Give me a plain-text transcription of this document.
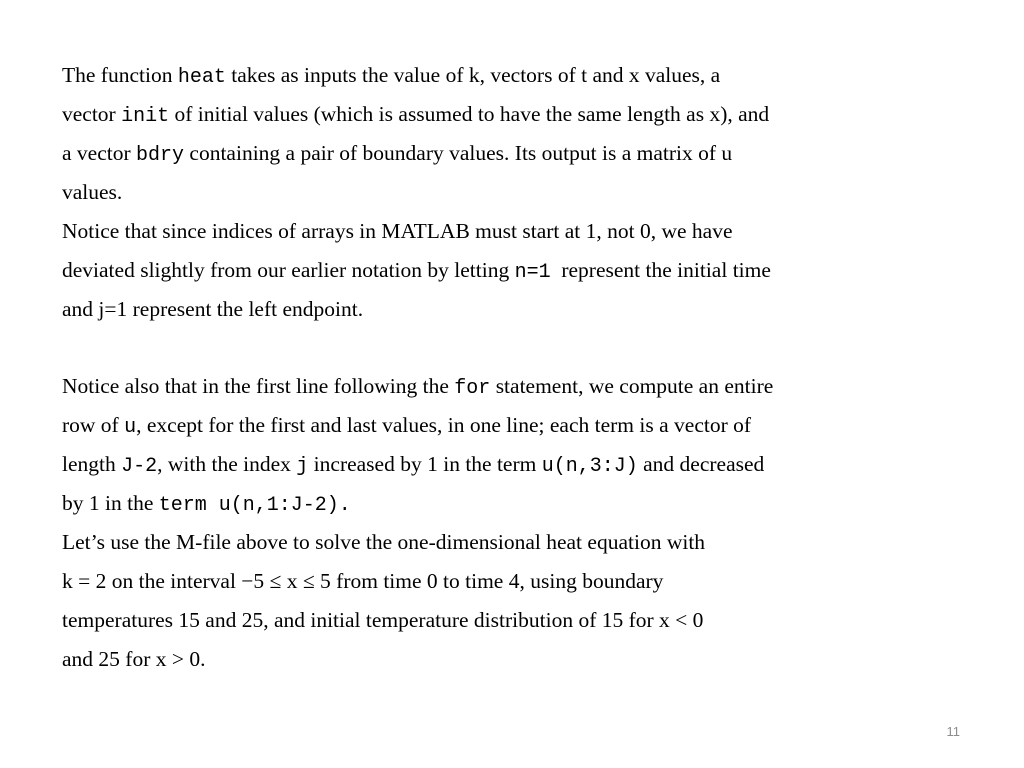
The function heat takes as inputs the value of k, vectors of t and x values, a
vector init of initial values (which is assumed to have the same length as x), and
a vector bdry containing a pair of boundary values. Its output is a matrix of u
values.
Notice that since indices of arrays in MATLAB must start at 1, not 0, we have
deviated slightly from our earlier notation by letting n=1  represent the initial time
and j=1 represent the left endpoint.
Notice also that in the first line following the for statement, we compute an entire
row of u, except for the first and last values, in one line; each term is a vector of
length J-2, with the index j increased by 1 in the term u(n,3:J) and decreased
by 1 in the term u(n,1:J-2).
Let’s use the M-file above to solve the one-dimensional heat equation with
k = 2 on the interval −5 ≤ x ≤ 5 from time 0 to time 4, using boundary
temperatures 15 and 25, and initial temperature distribution of 15 for x < 0
and 25 for x > 0.
11
